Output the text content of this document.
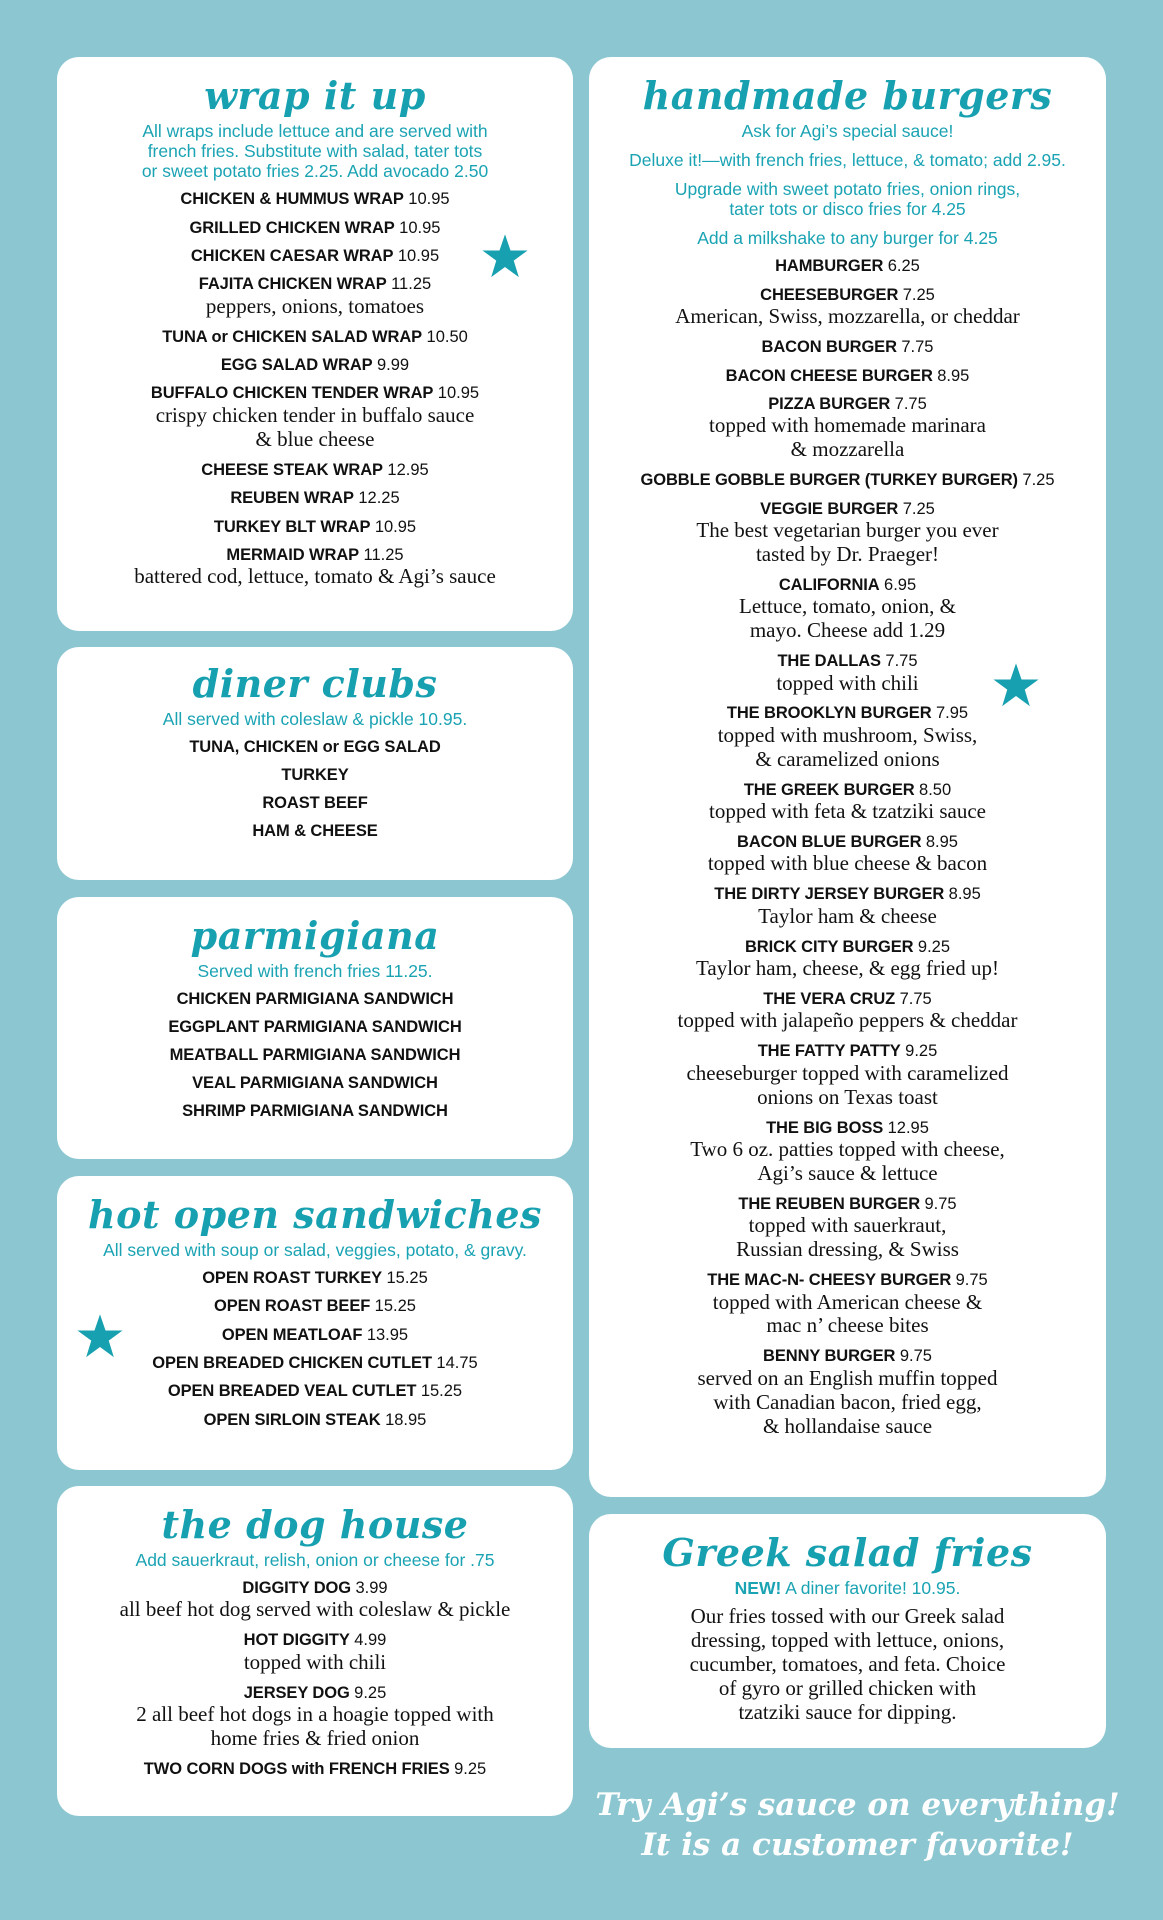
wrap it up
All wraps include lettuce and are served with
french fries. Substitute with salad, tater tots
or sweet potato fries 2.25. Add avocado 2.50
CHICKEN & HUMMUS WRAP 10.95
GRILLED CHICKEN WRAP 10.95
CHICKEN CAESAR WRAP 10.95
FAJITA CHICKEN WRAP 11.25
peppers, onions, tomatoes
TUNA or CHICKEN SALAD WRAP 10.50
EGG SALAD WRAP 9.99
BUFFALO CHICKEN TENDER WRAP 10.95
crispy chicken tender in buffalo sauce
& blue cheese
CHEESE STEAK WRAP 12.95
REUBEN WRAP 12.25
TURKEY BLT WRAP 10.95
MERMAID WRAP 11.25
battered cod, lettuce, tomato & Agi’s sauce
diner clubs
All served with coleslaw & pickle 10.95.
TUNA, CHICKEN or EGG SALAD
TURKEY
ROAST BEEF
HAM & CHEESE
parmigiana
Served with french fries 11.25.
CHICKEN PARMIGIANA SANDWICH
EGGPLANT PARMIGIANA SANDWICH
MEATBALL PARMIGIANA SANDWICH
VEAL PARMIGIANA SANDWICH
SHRIMP PARMIGIANA SANDWICH
hot open sandwiches
All served with soup or salad, veggies, potato, & gravy.
OPEN ROAST TURKEY 15.25
OPEN ROAST BEEF 15.25
OPEN MEATLOAF 13.95
OPEN BREADED CHICKEN CUTLET 14.75
OPEN BREADED VEAL CUTLET 15.25
OPEN SIRLOIN STEAK 18.95
the dog house
Add sauerkraut, relish, onion or cheese for .75
DIGGITY DOG 3.99
all beef hot dog served with coleslaw & pickle
HOT DIGGITY 4.99
topped with chili
JERSEY DOG 9.25
2 all beef hot dogs in a hoagie topped with
home fries & fried onion
TWO CORN DOGS with FRENCH FRIES 9.25
handmade burgers
Ask for Agi’s special sauce!
Deluxe it!—with french fries, lettuce, & tomato; add 2.95.
Upgrade with sweet potato fries, onion rings,
tater tots or disco fries for 4.25
Add a milkshake to any burger for 4.25
HAMBURGER 6.25
CHEESEBURGER 7.25
American, Swiss, mozzarella, or cheddar
BACON BURGER 7.75
BACON CHEESE BURGER 8.95
PIZZA BURGER 7.75
topped with homemade marinara
& mozzarella
GOBBLE GOBBLE BURGER (TURKEY BURGER) 7.25
VEGGIE BURGER 7.25
The best vegetarian burger you ever
tasted by Dr. Praeger!
CALIFORNIA 6.95
Lettuce, tomato, onion, &
mayo. Cheese add 1.29
THE DALLAS 7.75
topped with chili
THE BROOKLYN BURGER 7.95
topped with mushroom, Swiss,
& caramelized onions
THE GREEK BURGER 8.50
topped with feta & tzatziki sauce
BACON BLUE BURGER 8.95
topped with blue cheese & bacon
THE DIRTY JERSEY BURGER 8.95
Taylor ham & cheese
BRICK CITY BURGER 9.25
Taylor ham, cheese, & egg fried up!
THE VERA CRUZ 7.75
topped with jalapeño peppers & cheddar
THE FATTY PATTY 9.25
cheeseburger topped with caramelized
onions on Texas toast
THE BIG BOSS 12.95
Two 6 oz. patties topped with cheese,
Agi’s sauce & lettuce
THE REUBEN BURGER 9.75
topped with sauerkraut,
Russian dressing, & Swiss
THE MAC-N- CHEESY BURGER 9.75
topped with American cheese &
mac n’ cheese bites
BENNY BURGER 9.75
served on an English muffin topped
with Canadian bacon, fried egg,
& hollandaise sauce
Greek salad fries
NEW! A diner favorite! 10.95.
Our fries tossed with our Greek salad
dressing, topped with lettuce, onions,
cucumber, tomatoes, and feta. Choice
of gyro or grilled chicken with
tzatziki sauce for dipping.
Try Agi’s sauce on everything!
It is a customer favorite!
